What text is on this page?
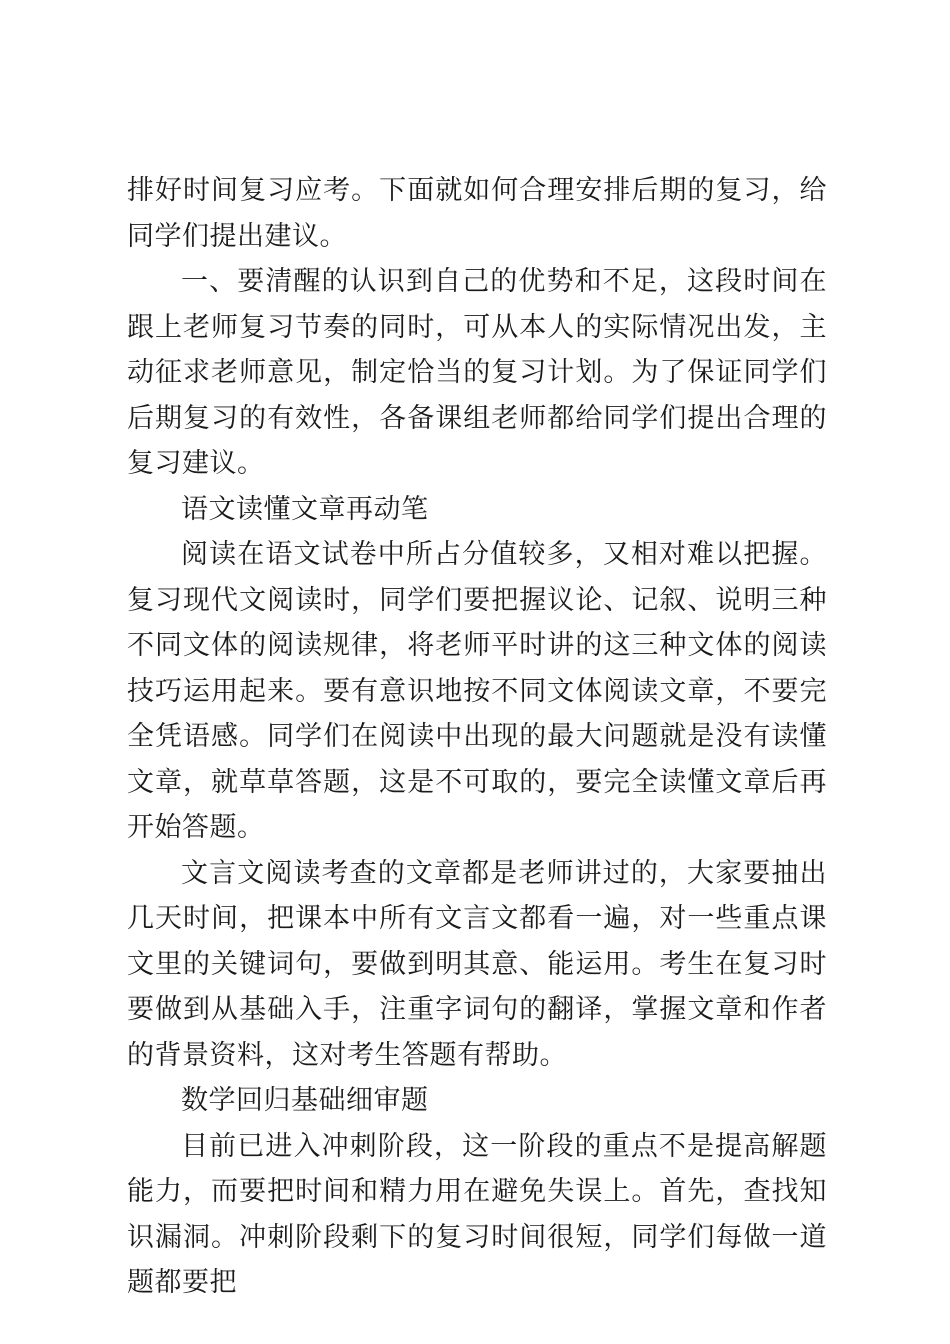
排好时间复习应考。下面就如何合理安排后期的复习，给同学们提出建议。

一、要清醒的认识到自己的优势和不足，这段时间在跟上老师复习节奏的同时，可从本人的实际情况出发，主动征求老师意见，制定恰当的复习计划。为了保证同学们后期复习的有效性，各备课组老师都给同学们提出合理的复习建议。

语文读懂文章再动笔

阅读在语文试卷中所占分值较多，又相对难以把握。复习现代文阅读时，同学们要把握议论、记叙、说明三种不同文体的阅读规律，将老师平时讲的这三种文体的阅读技巧运用起来。要有意识地按不同文体阅读文章，不要完全凭语感。同学们在阅读中出现的最大问题就是没有读懂文章，就草草答题，这是不可取的，要完全读懂文章后再开始答题。

文言文阅读考查的文章都是老师讲过的，大家要抽出几天时间，把课本中所有文言文都看一遍，对一些重点课文里的关键词句，要做到明其意、能运用。考生在复习时要做到从基础入手，注重字词句的翻译，掌握文章和作者的背景资料，这对考生答题有帮助。

数学回归基础细审题

目前已进入冲刺阶段，这一阶段的重点不是提高解题能力，而要把时间和精力用在避免失误上。首先，查找知识漏洞。冲刺阶段剩下的复习时间很短，同学们每做一道题都要把
